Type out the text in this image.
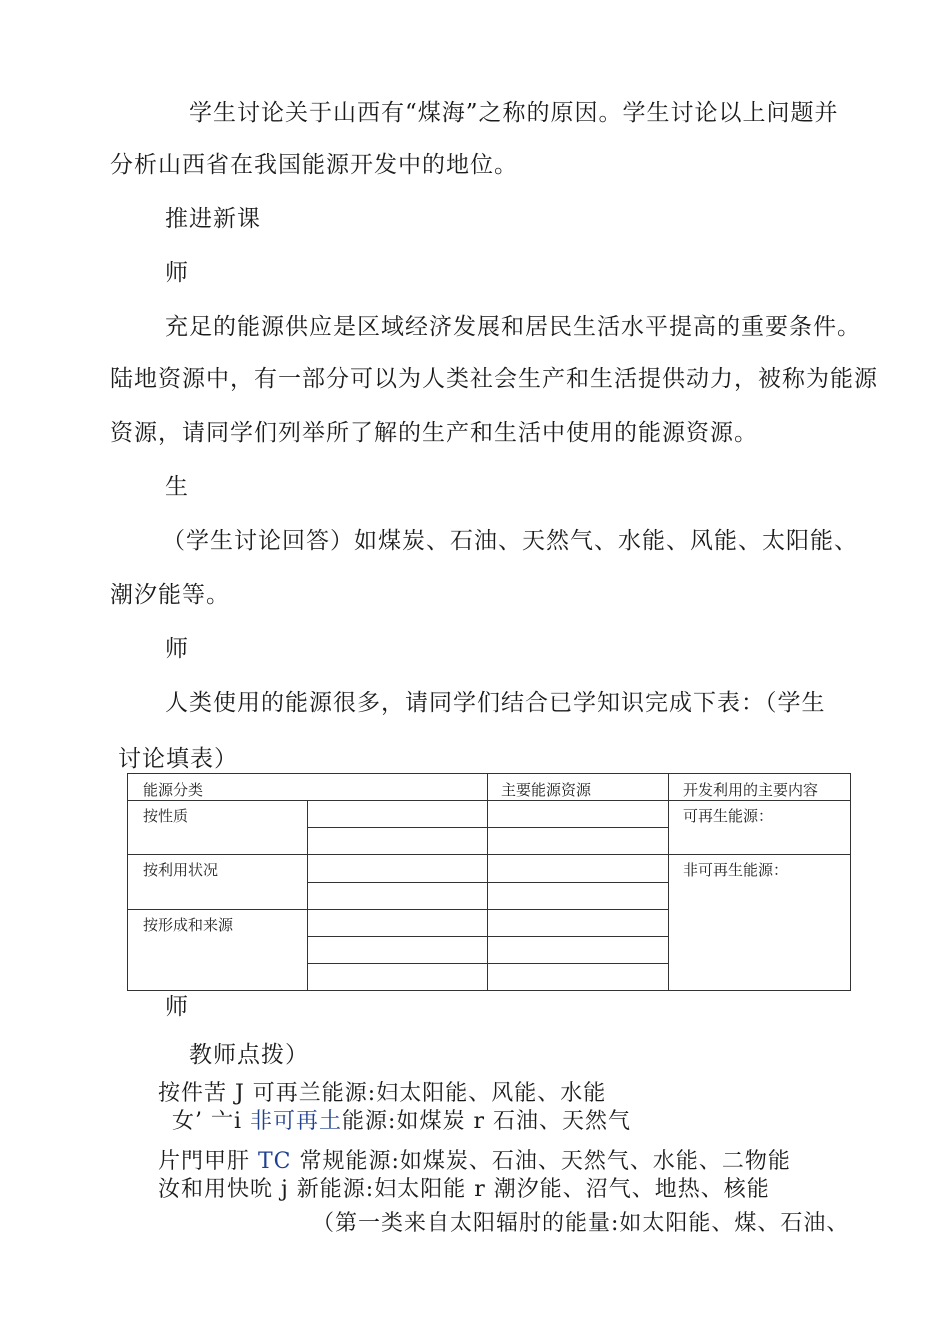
学生讨论关于山西有“煤海”之称的原因。学生讨论以上问题并
分析山西省在我国能源开发中的地位。
推进新课
师
充足的能源供应是区域经济发展和居民生活水平提高的重要条件。
陆地资源中，有一部分可以为人类社会生产和生活提供动力，被称为能源
资源，请同学们列举所了解的生产和生活中使用的能源资源。
生
（学生讨论回答）如煤炭、石油、天然气、水能、风能、太阳能、
潮汐能等。
师
人类使用的能源很多，请同学们结合已学知识完成下表：（学生
讨论填表）
能源分类	主要能源资源	开发利用的主要内容
按性质
按利用状况
按形成和来源
可再生能源：
非可再生能源：
师
教师点拨）
按件苦 J 可再兰能源:妇太阳能、风能、水能
女’ 亠i 非可再土能源:如煤炭 r 石油、天然气
片門甲肝 TC 常规能源:如煤炭、石油、天然气、水能、二物能
汝和用快吮 j 新能源:妇太阳能 r 潮汐能、沼气、地热、核能
（第一类来自太阳辐肘的能量:如太阳能、煤、石油、
